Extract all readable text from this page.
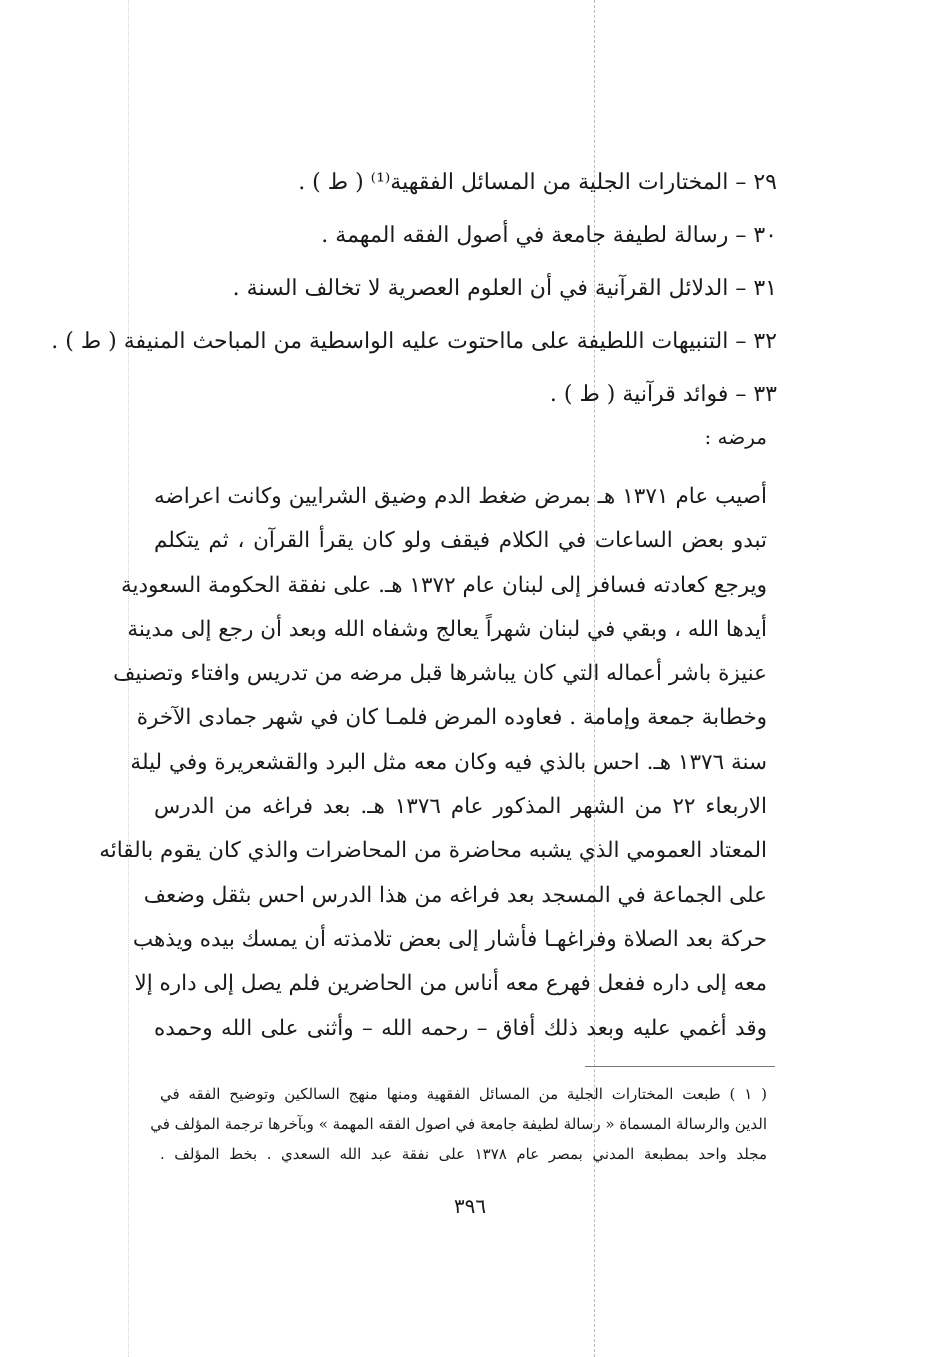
٢٩ – المختارات الجلية من المسائل الفقهية⁽¹⁾ ( ط ) .
٣٠ – رسالة لطيفة جامعة في أصول الفقه المهمة .
٣١ – الدلائل القرآنية في أن العلوم العصرية لا تخالف السنة .
٣٢ – التنبيهات اللطيفة على مااحتوت عليه الواسطية من المباحث المنيفة ( ط ) .
٣٣ – فوائد قرآنية ( ط ) .
مرضه :
أصيب عام ١٣٧١ هـ بمرض ضغط الدم وضيق الشرايين وكانت اعراضه
تبدو بعض الساعات في الكلام فيقف ولو كان يقرأ القرآن ، ثم يتكلم
ويرجع كعادته فسافر إلى لبنان عام ١٣٧٢ هـ. على نفقة الحكومة السعودية
أيدها الله ، وبقي في لبنان شهراً يعالج وشفاه الله وبعد أن رجع إلى مدينة
عنيزة باشر أعماله التي كان يباشرها قبل مرضه من تدريس وافتاء وتصنيف
وخطابة جمعة وإمامة . فعاوده المرض فلمـا كان في شهر جمادى الآخرة
سنة ١٣٧٦ هـ. احس بالذي فيه وكان معه مثل البرد والقشعريرة وفي ليلة
الاربعاء ٢٢ من الشهر المذكور عام ١٣٧٦ هـ. بعد فراغه من الدرس
المعتاد العمومي الذي يشبه محاضرة من المحاضرات والذي كان يقوم بالقائه
على الجماعة في المسجد بعد فراغه من هذا الدرس احس بثقل وضعف
حركة بعد الصلاة وفراغهـا فأشار إلى بعض تلامذته أن يمسك بيده ويذهب
معه إلى داره ففعل فهرع معه أناس من الحاضرين فلم يصل إلى داره إلا
وقد أغمي عليه وبعد ذلك أفاق – رحمه الله – وأثنى على الله وحمده
( ١ ) طبعت المختارات الجلية من المسائل الفقهية ومنها منهج السالكين وتوضيح الفقه في
الدين والرسالة المسماة « رسالة لطيفة جامعة في اصول الفقه المهمة » وبآخرها ترجمة المؤلف في
مجلد واحد بمطبعة المدني بمصر عام ١٣٧٨ على نفقة عبد الله السعدي . بخط المؤلف .
٣٩٦
